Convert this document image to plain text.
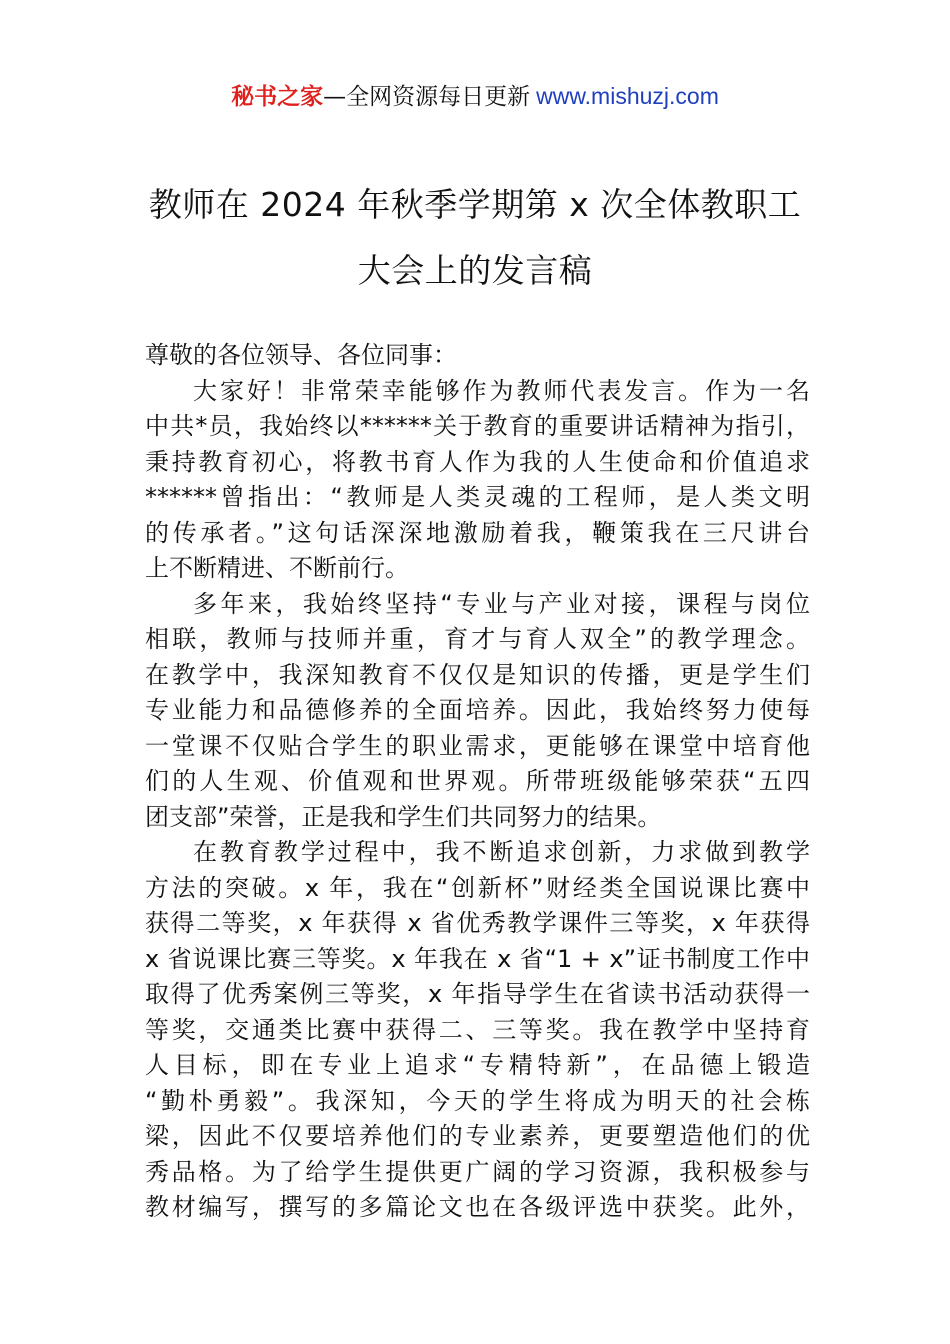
秘书之家—全网资源每日更新 www.mishuzj.com
教师在 2024 年秋季学期第 x 次全体教职工
大会上的发言稿

尊敬的各位领导、各位同事：

大家好！非常荣幸能够作为教师代表发言。作为一名
中共*员，我始终以******关于教育的重要讲话精神为指引，
秉持教育初心，将教书育人作为我的人生使命和价值追求
******曾指出：“教师是人类灵魂的工程师，是人类文明
的传承者。”这句话深深地激励着我，鞭策我在三尺讲台
上不断精进、不断前行。

多年来，我始终坚持“专业与产业对接，课程与岗位
相联，教师与技师并重，育才与育人双全”的教学理念。
在教学中，我深知教育不仅仅是知识的传播，更是学生们
专业能力和品德修养的全面培养。因此，我始终努力使每
一堂课不仅贴合学生的职业需求，更能够在课堂中培育他
们的人生观、价值观和世界观。所带班级能够荣获“五四
团支部”荣誉，正是我和学生们共同努力的结果。

在教育教学过程中，我不断追求创新，力求做到教学
方法的突破。x 年，我在“创新杯”财经类全国说课比赛中
获得二等奖，x 年获得 x 省优秀教学课件三等奖，x 年获得
x 省说课比赛三等奖。x 年我在 x 省“1 + x”证书制度工作中
取得了优秀案例三等奖，x 年指导学生在省读书活动获得一
等奖，交通类比赛中获得二、三等奖。我在教学中坚持育
人目标，即在专业上追求“专精特新”，在品德上锻造
“勤朴勇毅”。我深知，今天的学生将成为明天的社会栋
梁，因此不仅要培养他们的专业素养，更要塑造他们的优
秀品格。为了给学生提供更广阔的学习资源，我积极参与
教材编写，撰写的多篇论文也在各级评选中获奖。此外，
